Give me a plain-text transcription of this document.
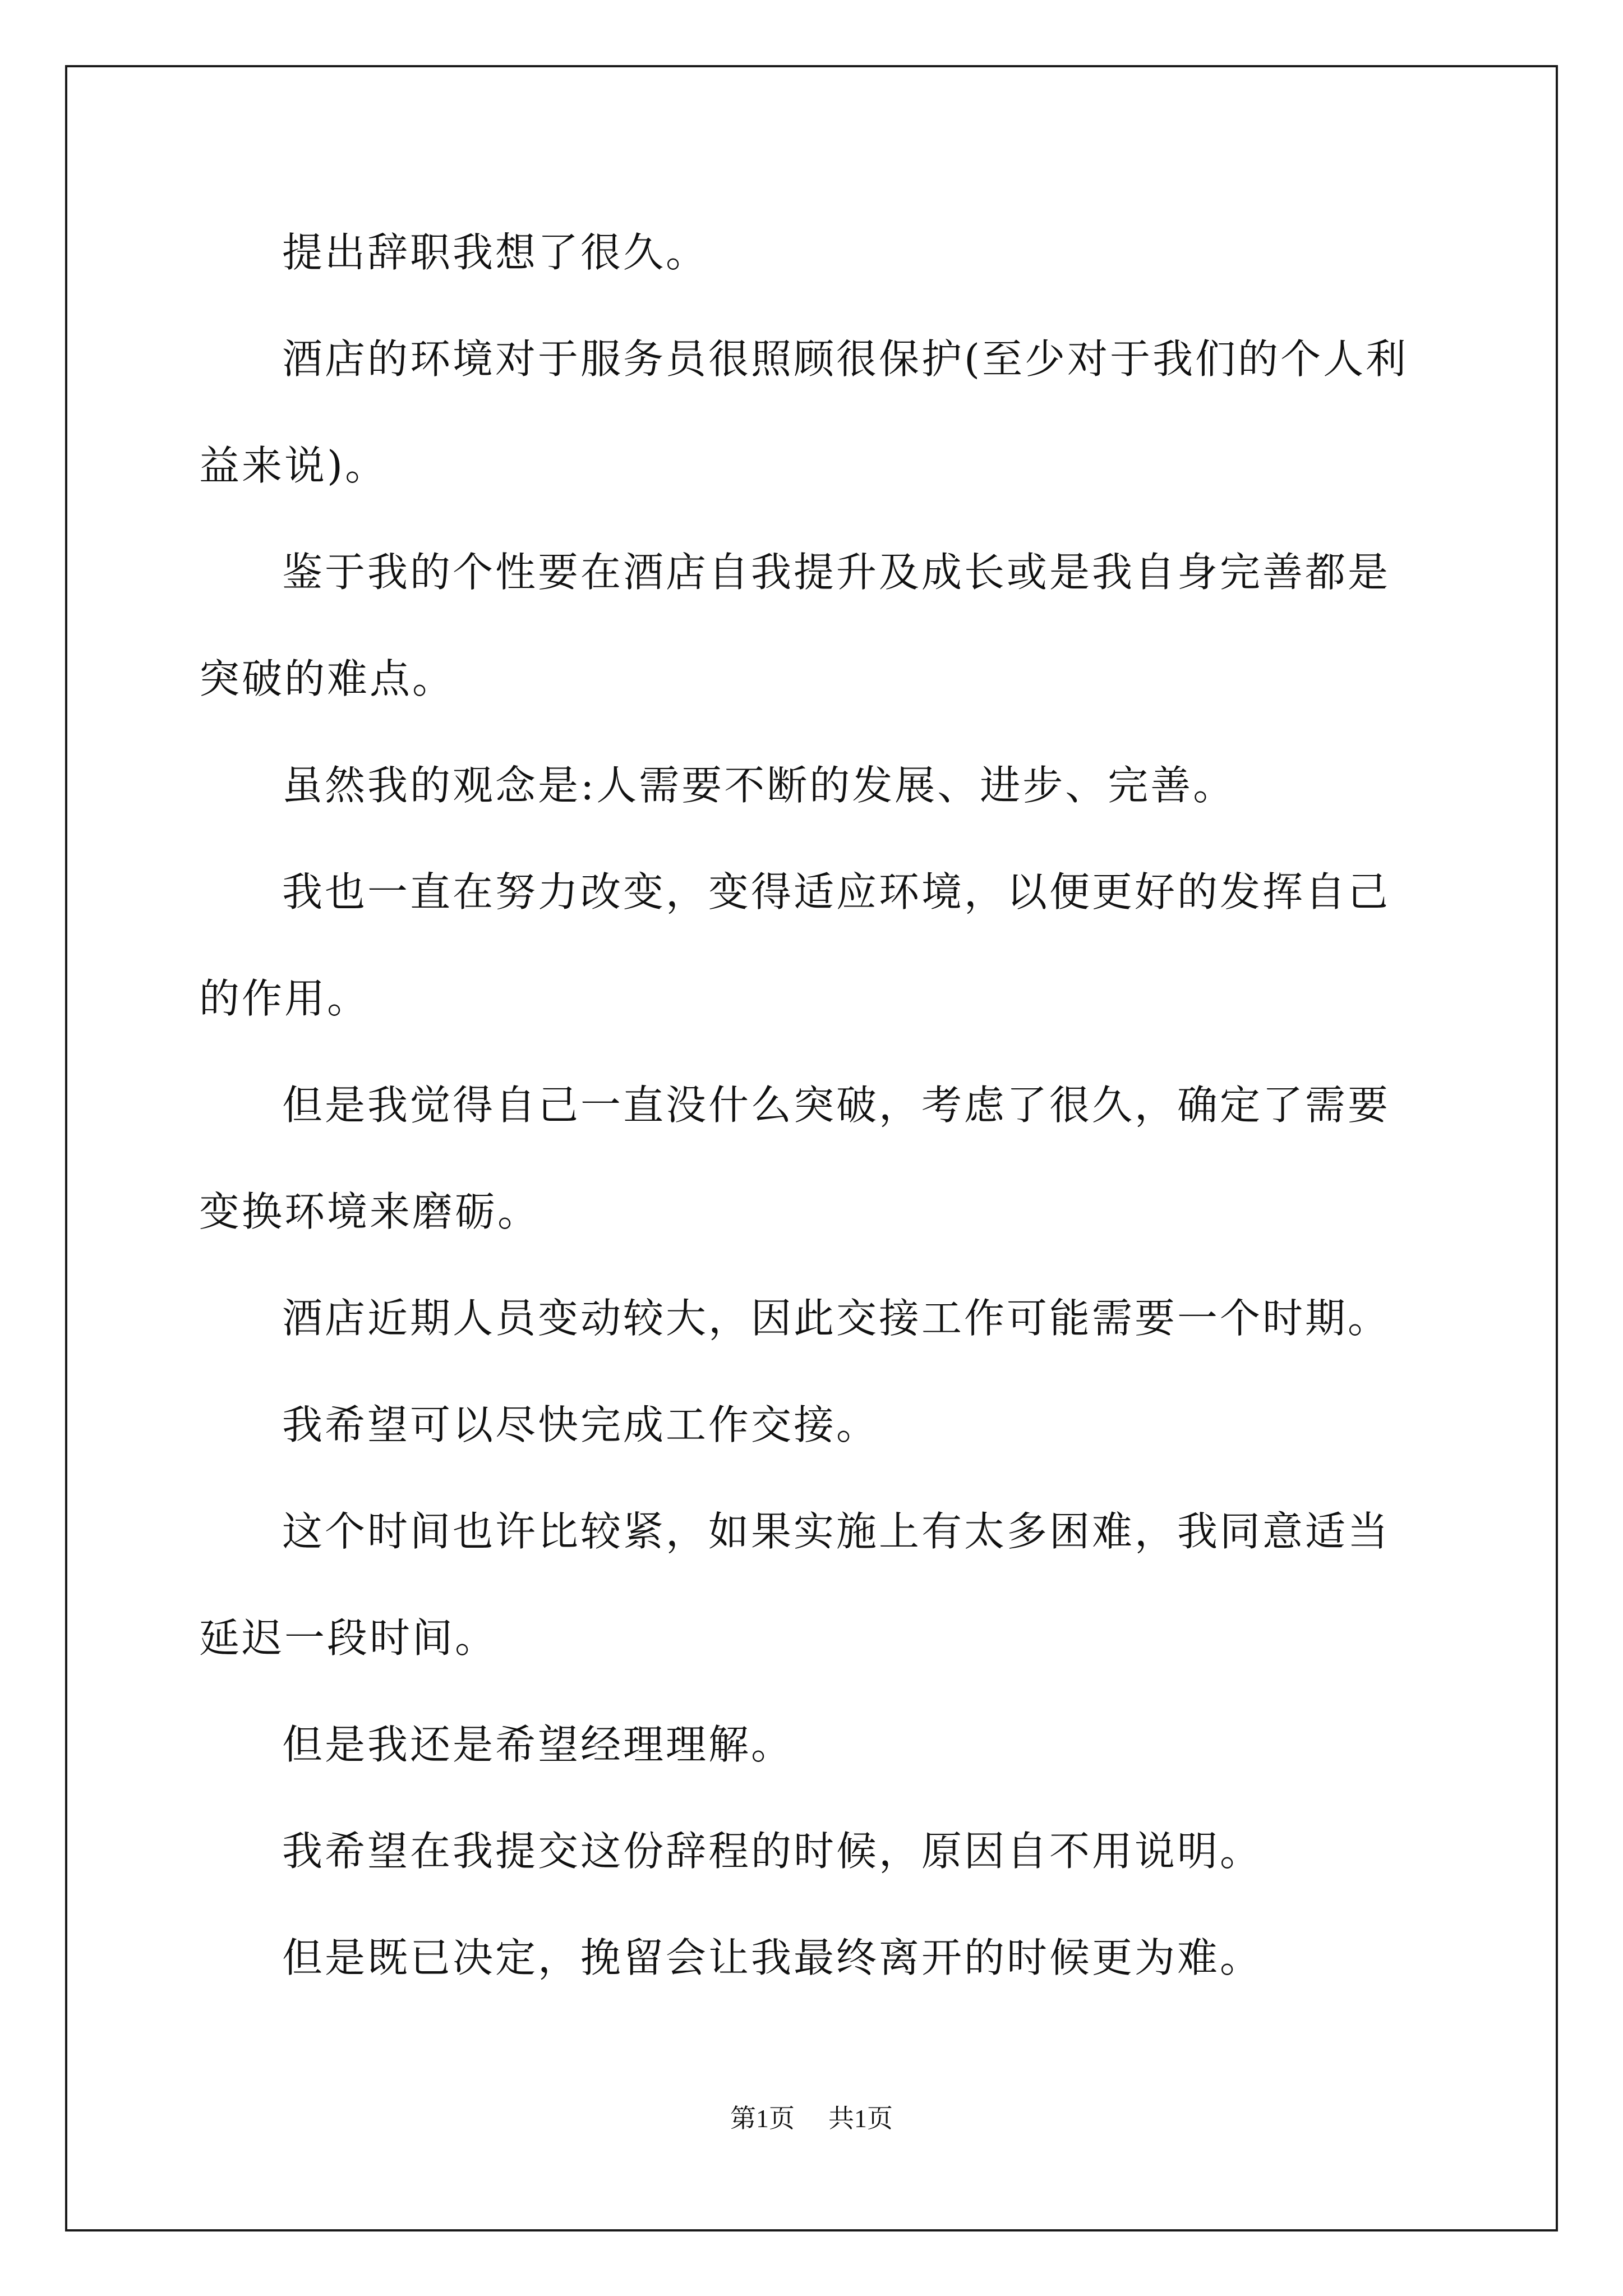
提出辞职我想了很久。

酒店的环境对于服务员很照顾很保护(至少对于我们的个人利益来说)。

鉴于我的个性要在酒店自我提升及成长或是我自身完善都是突破的难点。

虽然我的观念是:人需要不断的发展、进步、完善。

我也一直在努力改变，变得适应环境，以便更好的发挥自己的作用。

但是我觉得自己一直没什么突破，考虑了很久，确定了需要变换环境来磨砺。

酒店近期人员变动较大，因此交接工作可能需要一个时期。

我希望可以尽快完成工作交接。

这个时间也许比较紧，如果实施上有太多困难，我同意适当延迟一段时间。

但是我还是希望经理理解。

我希望在我提交这份辞程的时候，原因自不用说明。

但是既已决定，挽留会让我最终离开的时候更为难。

第1页 共1页
